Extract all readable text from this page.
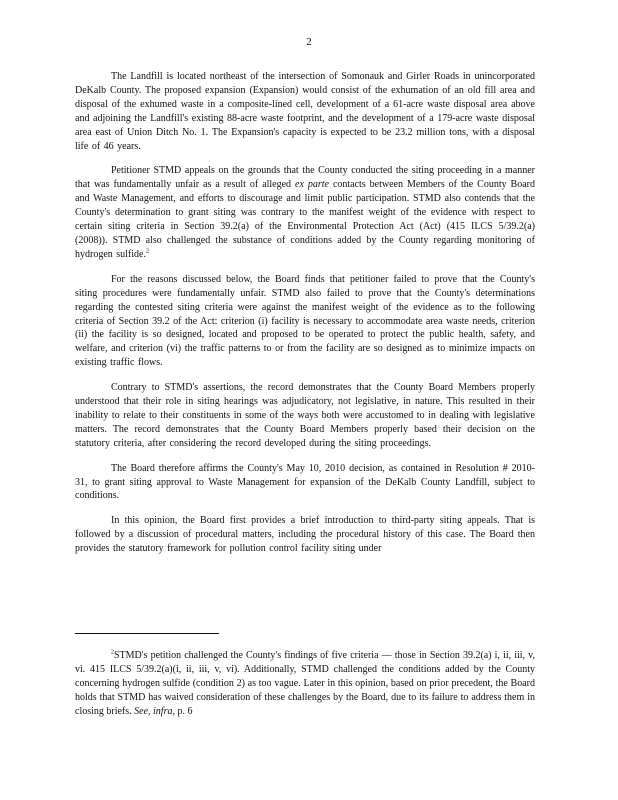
2

The Landfill is located northeast of the intersection of Somonauk and Girler Roads in unincorporated DeKalb County. The proposed expansion (Expansion) would consist of the exhumation of an old fill area and disposal of the exhumed waste in a composite-lined cell, development of a 61-acre waste disposal area above and adjoining the Landfill's existing 88-acre waste footprint, and the development of a 179-acre waste disposal area east of Union Ditch No. 1. The Expansion's capacity is expected to be 23.2 million tons, with a disposal life of 46 years.

Petitioner STMD appeals on the grounds that the County conducted the siting proceeding in a manner that was fundamentally unfair as a result of alleged ex parte contacts between Members of the County Board and Waste Management, and efforts to discourage and limit public participation. STMD also contends that the County's determination to grant siting was contrary to the manifest weight of the evidence with respect to certain siting criteria in Section 39.2(a) of the Environmental Protection Act (Act) (415 ILCS 5/39.2(a) (2008)). STMD also challenged the substance of conditions added by the County regarding monitoring of hydrogen sulfide.$^2$

For the reasons discussed below, the Board finds that petitioner failed to prove that the County's siting procedures were fundamentally unfair. STMD also failed to prove that the County's determinations regarding the contested siting criteria were against the manifest weight of the evidence as to the following criteria of Section 39.2 of the Act: criterion (i) facility is necessary to accommodate area waste needs, criterion (ii) the facility is so designed, located and proposed to be operated to protect the public health, safety, and welfare, and criterion (vi) the traffic patterns to or from the facility are so designed as to minimize impacts on existing traffic flows.

Contrary to STMD's assertions, the record demonstrates that the County Board Members properly understood that their role in siting hearings was adjudicatory, not legislative, in nature. This resulted in their inability to relate to their constituents in some of the ways both were accustomed to in dealing with legislative matters. The record demonstrates that the County Board Members properly based their decision on the statutory criteria, after considering the record developed during the siting proceedings.

The Board therefore affirms the County's May 10, 2010 decision, as contained in Resolution # 2010-31, to grant siting approval to Waste Management for expansion of the DeKalb County Landfill, subject to conditions.

In this opinion, the Board first provides a brief introduction to third-party siting appeals. That is followed by a discussion of procedural matters, including the procedural history of this case. The Board then provides the statutory framework for pollution control facility siting under

$^2$STMD's petition challenged the County's findings of five criteria — those in Section 39.2(a) i, ii, iii, v, vi. 415 ILCS 5/39.2(a)(i, ii, iii, v, vi). Additionally, STMD challenged the conditions added by the County concerning hydrogen sulfide (condition 2) as too vague. Later in this opinion, based on prior precedent, the Board holds that STMD has waived consideration of these challenges by the Board, due to its failure to address them in closing briefs. See, infra, p. 6
